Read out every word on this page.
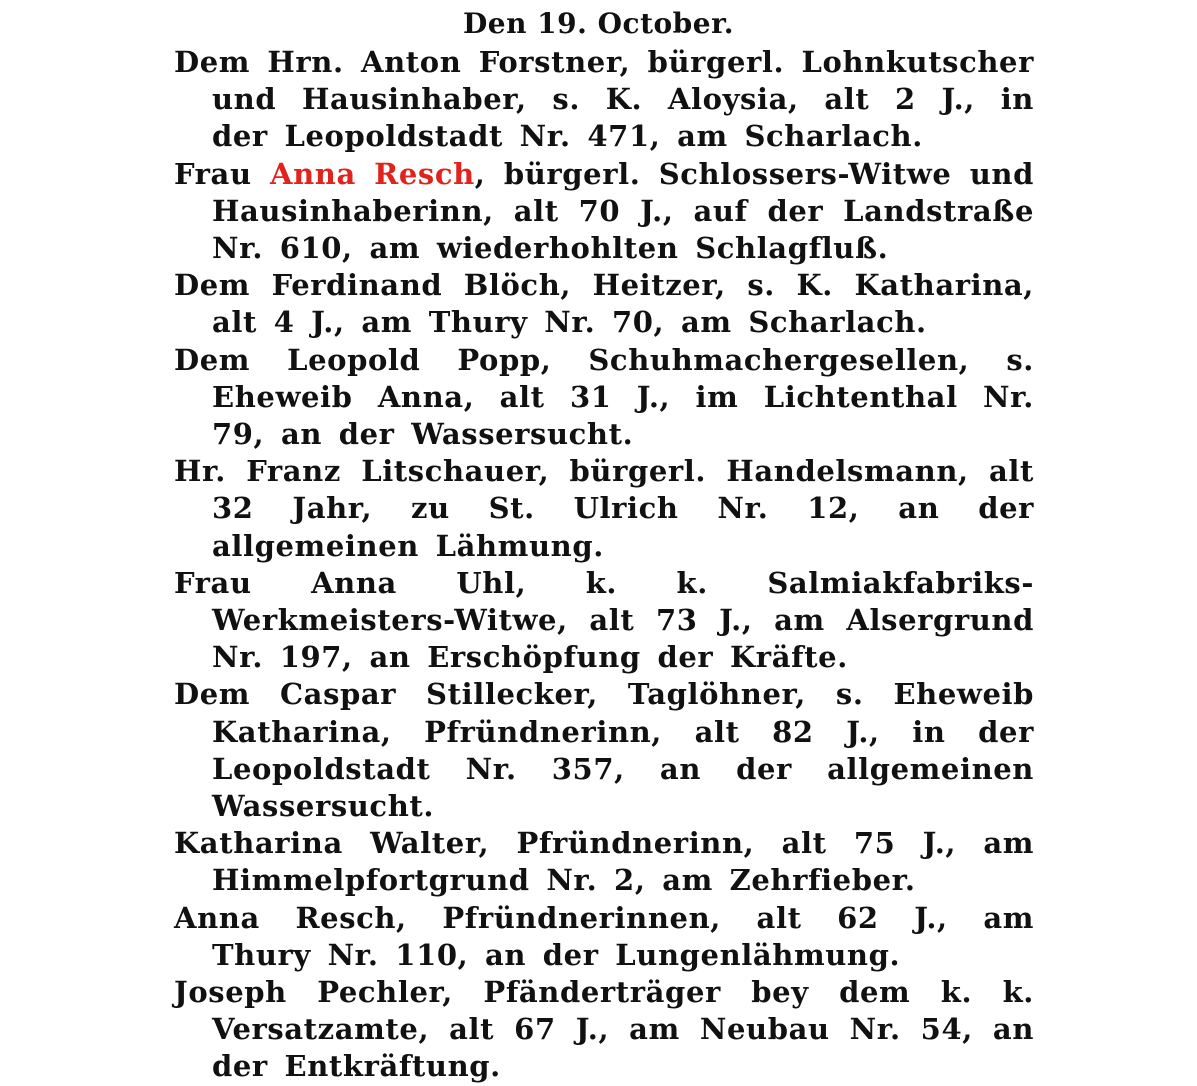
Den 19. October.

Dem Hrn. Anton Forstner, bürgerl. Lohnkutscher und Hausinhaber, s. K. Aloysia, alt 2 J., in der Leopoldstadt Nr. 471, am Scharlach.

Frau Anna Resch, bürgerl. Schlossers-Witwe und Hausinhaberinn, alt 70 J., auf der Landstraße Nr. 610, am wiederhohlten Schlagfluß.

Dem Ferdinand Blöch, Heitzer, s. K. Katharina, alt 4 J., am Thury Nr. 70, am Scharlach.

Dem Leopold Popp, Schuhmachergesellen, s. Eheweib Anna, alt 31 J., im Lichtenthal Nr. 79, an der Wassersucht.

Hr. Franz Litschauer, bürgerl. Handelsmann, alt 32 Jahr, zu St. Ulrich Nr. 12, an der allgemeinen Lähmung.

Frau Anna Uhl, k. k. Salmiakfabriks-Werkmeisters-Witwe, alt 73 J., am Alsergrund Nr. 197, an Erschöpfung der Kräfte.

Dem Caspar Stillecker, Taglöhner, s. Eheweib Katharina, Pfründnerinn, alt 82 J., in der Leopoldstadt Nr. 357, an der allgemeinen Wassersucht.

Katharina Walter, Pfründnerinn, alt 75 J., am Himmelpfortgrund Nr. 2, am Zehrfieber.

Anna Resch, Pfründnerinnen, alt 62 J., am Thury Nr. 110, an der Lungenlähmung.

Joseph Pechler, Pfänderträger bey dem k. k. Versatzamte, alt 67 J., am Neubau Nr. 54, an der Entkräftung.
